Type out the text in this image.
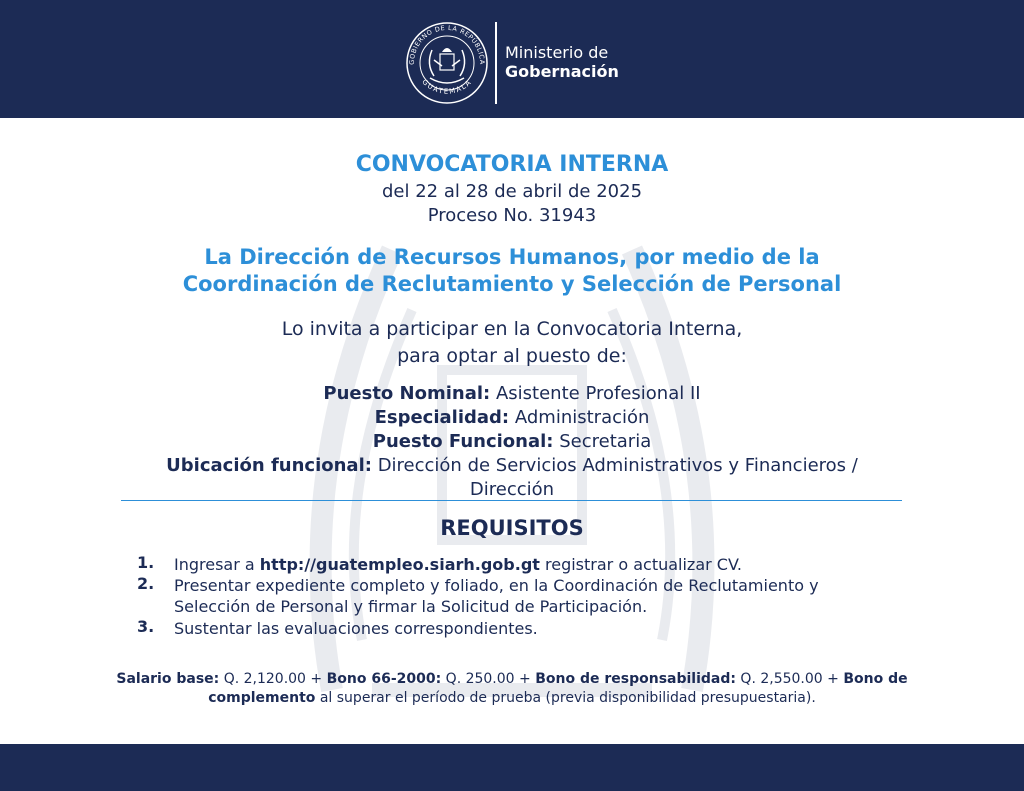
GOBIERNO DE LA REPÚBLICA
GUATEMALA
Ministerio de
Gobernación
CONVOCATORIA INTERNA
del 22 al 28 de abril de 2025
Proceso No. 31943
La Dirección de Recursos Humanos, por medio de la
Coordinación de Reclutamiento y Selección de Personal
Lo invita a participar en la Convocatoria Interna,
para optar al puesto de:
Puesto Nominal: Asistente Profesional II
Especialidad: Administración
Puesto Funcional: Secretaria
Ubicación funcional: Dirección de Servicios Administrativos y Financieros /
Dirección
REQUISITOS
1. Ingresar a http://guatempleo.siarh.gob.gt registrar o actualizar CV.
2. Presentar expediente completo y foliado, en la Coordinación de Reclutamiento y
Selección de Personal y firmar la Solicitud de Participación.
3. Sustentar las evaluaciones correspondientes.
Salario base: Q. 2,120.00 + Bono 66-2000: Q. 250.00 + Bono de responsabilidad: Q. 2,550.00 + Bono de
complemento al superar el período de prueba (previa disponibilidad presupuestaria).
